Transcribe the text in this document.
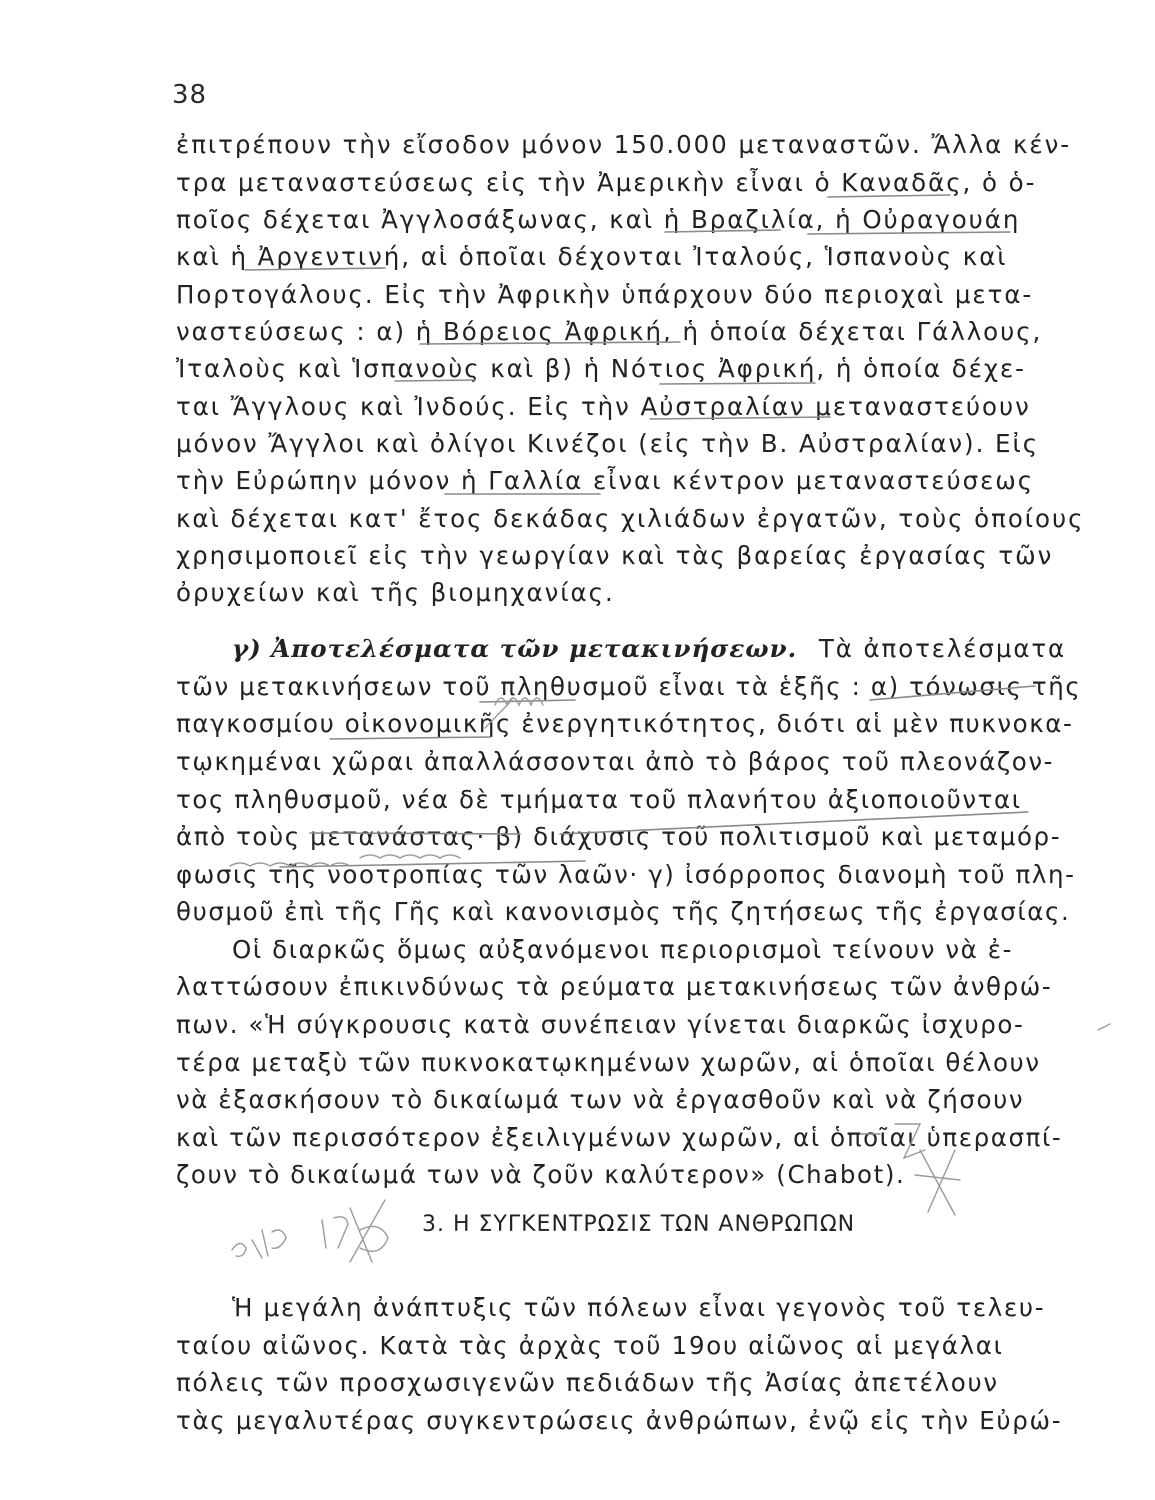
38
ἐπιτρέπουν τὴν εἴσοδον μόνον 150.000 μεταναστῶν. Ἄλλα κέν-
τρα μεταναστεύσεως εἰς τὴν Ἀμερικὴν εἶναι ὁ Καναδᾶς, ὁ ὁ-
ποῖος δέχεται Ἀγγλοσάξωνας, καὶ ἡ Βραζιλία, ἡ Οὐραγουάη
καὶ ἡ Ἀργεντινή, αἱ ὁποῖαι δέχονται Ἰταλούς, Ἱσπανοὺς καὶ
Πορτογάλους. Εἰς τὴν Ἀφρικὴν ὑπάρχουν δύο περιοχαὶ μετα-
ναστεύσεως : α) ἡ Βόρειος Ἀφρική, ἡ ὁποία δέχεται Γάλλους,
Ἰταλοὺς καὶ Ἱσπανοὺς καὶ β) ἡ Νότιος Ἀφρική, ἡ ὁποία δέχε-
ται Ἄγγλους καὶ Ἰνδούς. Εἰς τὴν Αὐστραλίαν μεταναστεύουν
μόνον Ἄγγλοι καὶ ὀλίγοι Κινέζοι (εἰς τὴν Β. Αὐστραλίαν). Εἰς
τὴν Εὐρώπην μόνον ἡ Γαλλία εἶναι κέντρον μεταναστεύσεως
καὶ δέχεται κατ' ἔτος δεκάδας χιλιάδων ἐργατῶν, τοὺς ὁποίους
χρησιμοποιεῖ εἰς τὴν γεωργίαν καὶ τὰς βαρείας ἐργασίας τῶν
ὀρυχείων καὶ τῆς βιομηχανίας.
γ) Ἀποτελέσματα τῶν μετακινήσεων. Τὰ ἀποτελέσματα
τῶν μετακινήσεων τοῦ πληθυσμοῦ εἶναι τὰ ἑξῆς : α) τόνωσις τῆς
παγκοσμίου οἰκονομικῆς ἐνεργητικότητος, διότι αἱ μὲν πυκνοκα-
τῳκημέναι χῶραι ἀπαλλάσσονται ἀπὸ τὸ βάρος τοῦ πλεονάζον-
τος πληθυσμοῦ, νέα δὲ τμήματα τοῦ πλανήτου ἀξιοποιοῦνται
ἀπὸ τοὺς μετανάστας· β) διάχυσις τοῦ πολιτισμοῦ καὶ μεταμόρ-
φωσις τῆς νοοτροπίας τῶν λαῶν· γ) ἰσόρροπος διανομὴ τοῦ πλη-
θυσμοῦ ἐπὶ τῆς Γῆς καὶ κανονισμὸς τῆς ζητήσεως τῆς ἐργασίας.
Οἱ διαρκῶς ὅμως αὐξανόμενοι περιορισμοὶ τείνουν νὰ ἐ-
λαττώσουν ἐπικινδύνως τὰ ρεύματα μετακινήσεως τῶν ἀνθρώ-
πων. «Ἡ σύγκρουσις κατὰ συνέπειαν γίνεται διαρκῶς ἰσχυρο-
τέρα μεταξὺ τῶν πυκνοκατῳκημένων χωρῶν, αἱ ὁποῖαι θέλουν
νὰ ἐξασκήσουν τὸ δικαίωμά των νὰ ἐργασθοῦν καὶ νὰ ζήσουν
καὶ τῶν περισσότερον ἐξειλιγμένων χωρῶν, αἱ ὁποῖαι ὑπερασπί-
ζουν τὸ δικαίωμά των νὰ ζοῦν καλύτερον» (Chabot).
3. Η ΣΥΓΚΕΝΤΡΩΣΙΣ ΤΩΝ ΑΝΘΡΩΠΩΝ
Ἡ μεγάλη ἀνάπτυξις τῶν πόλεων εἶναι γεγονὸς τοῦ τελευ-
ταίου αἰῶνος. Κατὰ τὰς ἀρχὰς τοῦ 19ου αἰῶνος αἱ μεγάλαι
πόλεις τῶν προσχωσιγενῶν πεδιάδων τῆς Ἀσίας ἀπετέλουν
τὰς μεγαλυτέρας συγκεντρώσεις ἀνθρώπων, ἐνῷ εἰς τὴν Εὐρώ-
